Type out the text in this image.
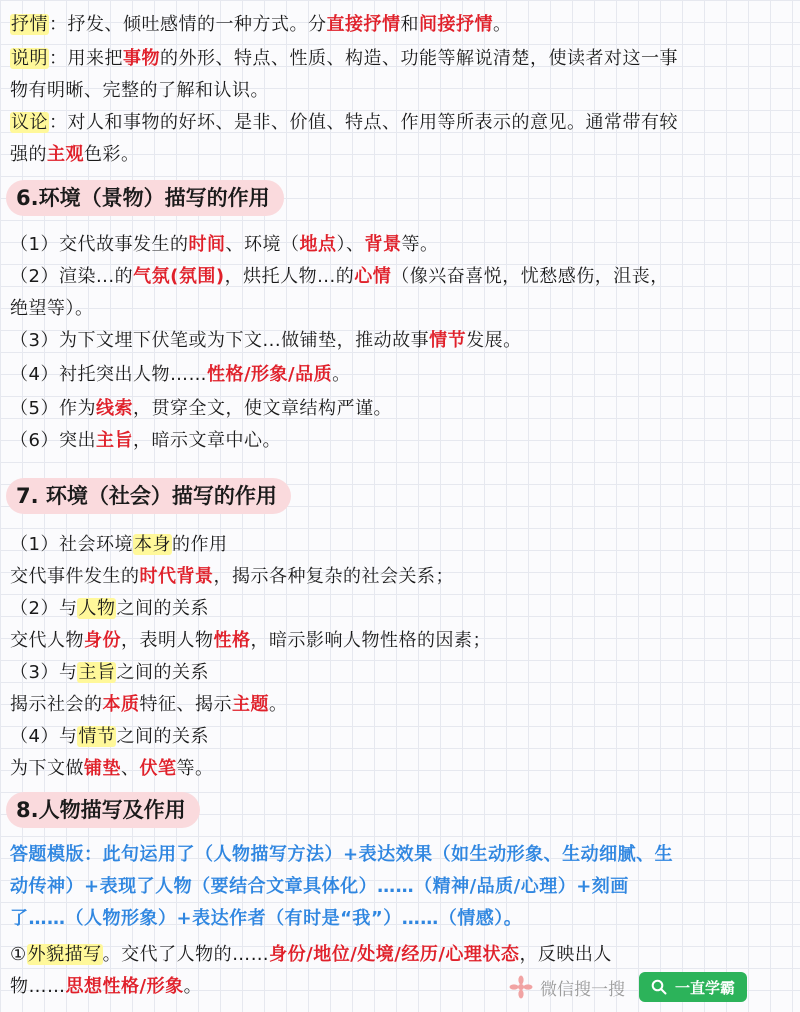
抒情：抒发、倾吐感情的一种方式。分直接抒情和间接抒情。
说明：用来把事物的外形、特点、性质、构造、功能等解说清楚，使读者对这一事
物有明晰、完整的了解和认识。
议论：对人和事物的好坏、是非、价值、特点、作用等所表示的意见。通常带有较
强的主观色彩。
6.环境（景物）描写的作用
（1）交代故事发生的时间、环境（地点）、背景等。
（2）渲染...的气氛(氛围)，烘托人物...的心情（像兴奋喜悦，忧愁感伤，沮丧，
绝望等）。
（3）为下文埋下伏笔或为下文...做铺垫，推动故事情节发展。
（4）衬托突出人物……性格/形象/品质。
（5）作为线索，贯穿全文，使文章结构严谨。
（6）突出主旨，暗示文章中心。
7. 环境（社会）描写的作用
（1）社会环境本身的作用
交代事件发生的时代背景，揭示各种复杂的社会关系；
（2）与人物之间的关系
交代人物身份，表明人物性格，暗示影响人物性格的因素；
（3）与主旨之间的关系
揭示社会的本质特征、揭示主题。
（4）与情节之间的关系
为下文做铺垫、伏笔等。
8.人物描写及作用
答题模版：此句运用了（人物描写方法）+表达效果（如生动形象、生动细腻、生
动传神）+表现了人物（要结合文章具体化）……（精神/品质/心理）+刻画
了……（人物形象）+表达作者（有时是“我”）……（情感）。
①外貌描写。交代了人物的……身份/地位/处境/经历/心理状态，反映出人
物……思想性格/形象。	微信搜一搜	一直学霸
